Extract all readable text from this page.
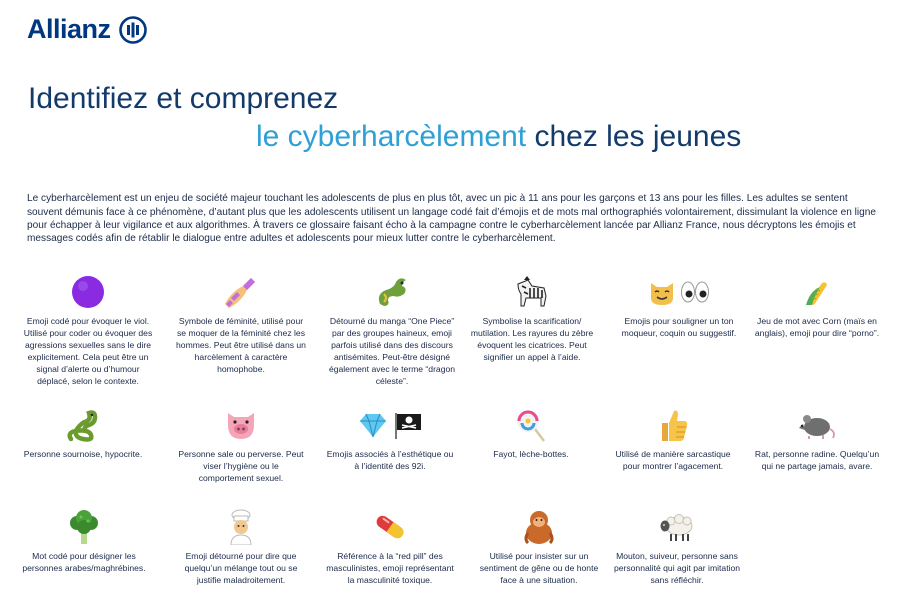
Allianz
Identifiez et comprenez
le cyberharcèlement chez les jeunes

Le cyberharcèlement est un enjeu de société majeur touchant les adolescents de plus en plus tôt, avec un pic à 11 ans pour les garçons et 13 ans pour les filles. Les adultes se sentent souvent démunis face à ce phénomène, d’autant plus que les adolescents utilisent un langage codé fait d’émojis et de mots mal orthographiés volontairement, dissimulant la violence en ligne pour échapper à leur vigilance et aux algorithmes. À travers ce glossaire faisant écho à la campagne contre le cyberharcèlement lancée par Allianz France, nous décryptons les émojis et messages codés afin de rétablir le dialogue entre adultes et adolescents pour mieux lutter contre le cyberharcèlement.

Emoji codé pour évoquer le viol. Utilisé pour coder ou évoquer des agressions sexuelles sans le dire explicitement. Cela peut être un signal d’alerte ou d’humour déplacé, selon le contexte.
Symbole de féminité, utilisé pour se moquer de la féminité chez les hommes. Peut être utilisé dans un harcèlement à caractère homophobe.
Détourné du manga “One Piece” par des groupes haineux, emoji parfois utilisé dans des discours antisémites. Peut-être désigné également avec le terme “dragon céleste”.
Symbolise la scarification/ mutilation. Les rayures du zèbre évoquent les cicatrices. Peut signifier un appel à l’aide.
Emojis pour souligner un ton moqueur, coquin ou suggestif.
Jeu de mot avec Corn (maïs en anglais), emoji pour dire “porno”.
Personne sournoise, hypocrite.	Personne sale ou perverse. Peut viser l’hygiène ou le comportement sexuel.
Emojis associés à l’esthétique ou à l’identité des 92i.
Fayot, lèche-bottes.	Utilisé de manière sarcastique pour montrer l’agacement.
Rat, personne radine. Quelqu’un qui ne partage jamais, avare.
Mot codé pour désigner les personnes arabes/maghrébines.
Emoji détourné pour dire que quelqu’un mélange tout ou se justifie maladroitement.
Référence à la “red pill” des masculinistes, emoji représentant la masculinité toxique.
Utilisé pour insister sur un sentiment de gêne ou de honte face à une situation.
Mouton, suiveur, personne sans personnalité qui agit par imitation sans réfléchir.
